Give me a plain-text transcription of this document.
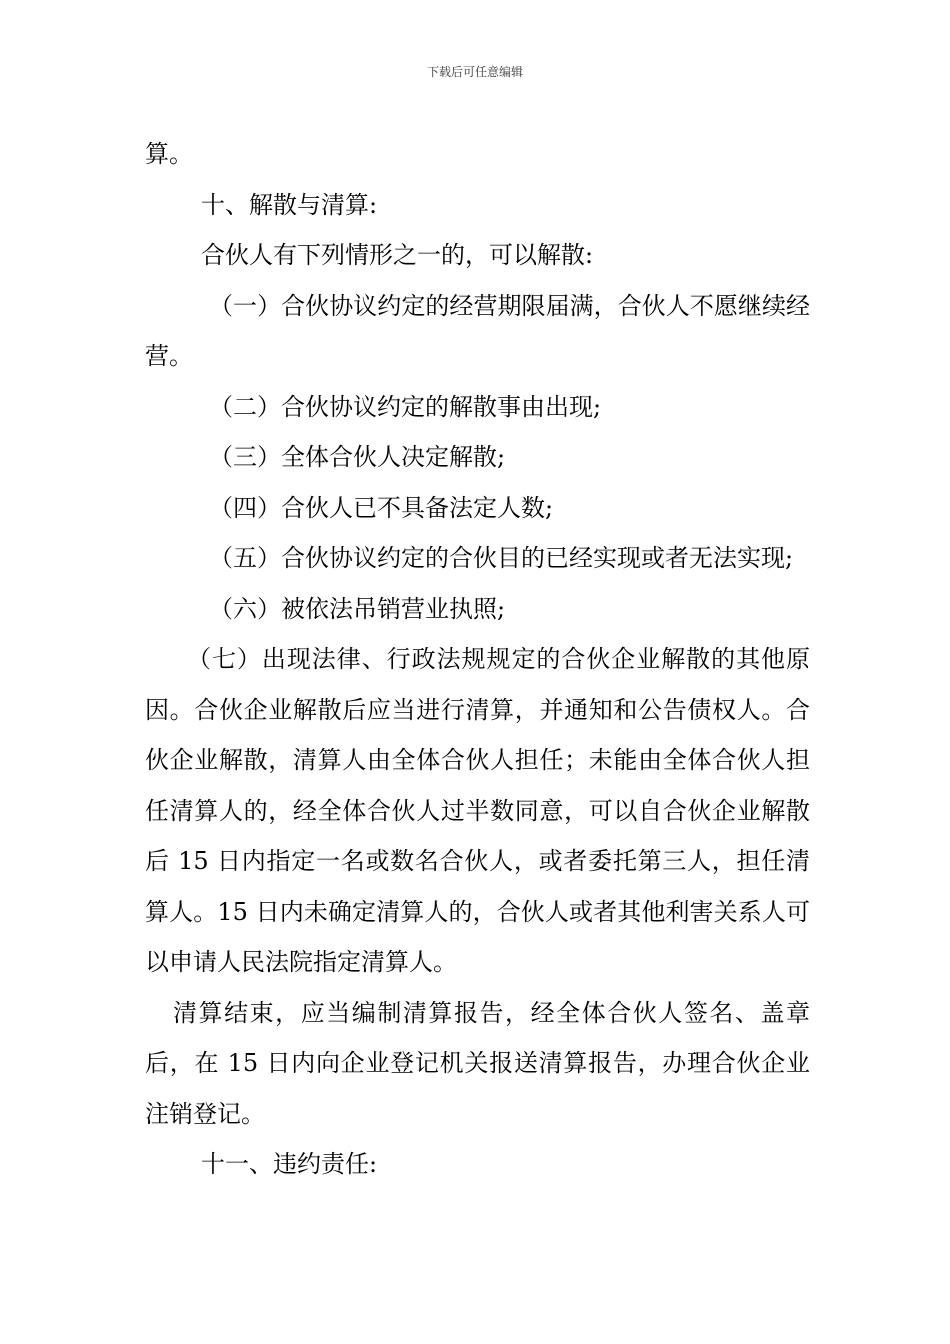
下载后可任意编辑

算。

十、解散与清算:

合伙人有下列情形之一的，可以解散:

（一）合伙协议约定的经营期限届满，合伙人不愿继续经营。

（二）合伙协议约定的解散事由出现;

（三）全体合伙人决定解散;

（四）合伙人已不具备法定人数;

（五）合伙协议约定的合伙目的已经实现或者无法实现;

（六）被依法吊销营业执照;

（七）出现法律、行政法规规定的合伙企业解散的其他原因。合伙企业解散后应当进行清算，并通知和公告债权人。合伙企业解散，清算人由全体合伙人担任；未能由全体合伙人担任清算人的，经全体合伙人过半数同意，可以自合伙企业解散后 15 日内指定一名或数名合伙人，或者委托第三人，担任清算人。15 日内未确定清算人的，合伙人或者其他利害关系人可以申请人民法院指定清算人。

清算结束，应当编制清算报告，经全体合伙人签名、盖章后，在 15 日内向企业登记机关报送清算报告，办理合伙企业注销登记。

十一、违约责任:
